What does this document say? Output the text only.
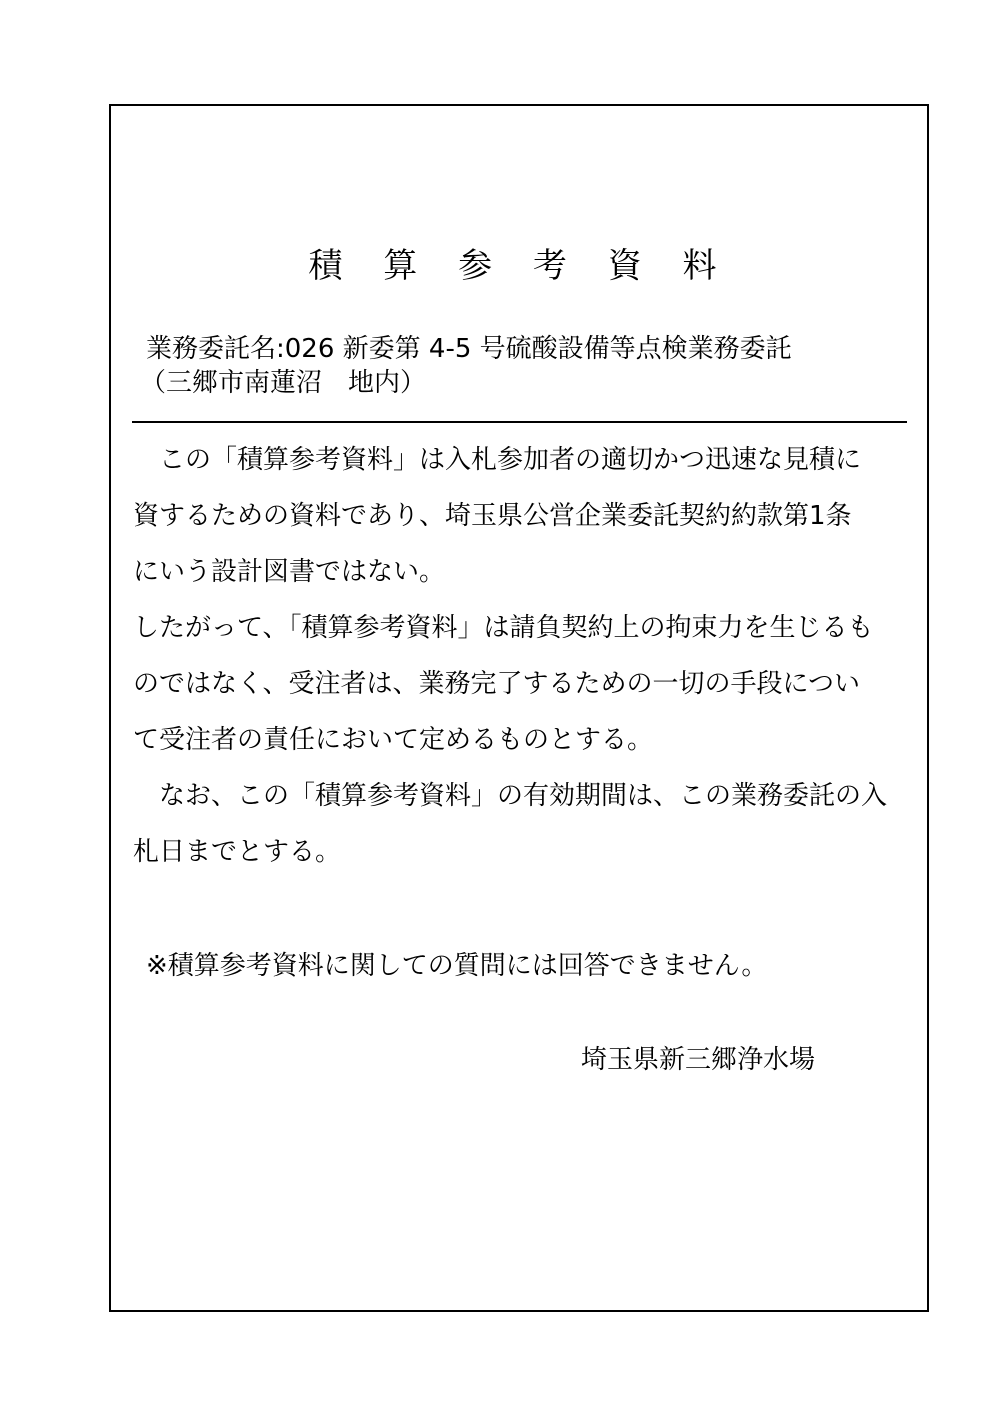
積 算 参 考 資 料
業務委託名:026 新委第 4-5 号硫酸設備等点検業務委託
（三郷市南蓮沼　地内）
　この「積算参考資料」は入札参加者の適切かつ迅速な見積に
資するための資料であり、埼玉県公営企業委託契約約款第1条
にいう設計図書ではない。
したがって、「積算参考資料」は請負契約上の拘束力を生じるも
のではなく、受注者は、業務完了するための一切の手段につい
て受注者の責任において定めるものとする。
　なお、この「積算参考資料」の有効期間は、この業務委託の入
札日までとする。
※積算参考資料に関しての質問には回答できません。
埼玉県新三郷浄水場
